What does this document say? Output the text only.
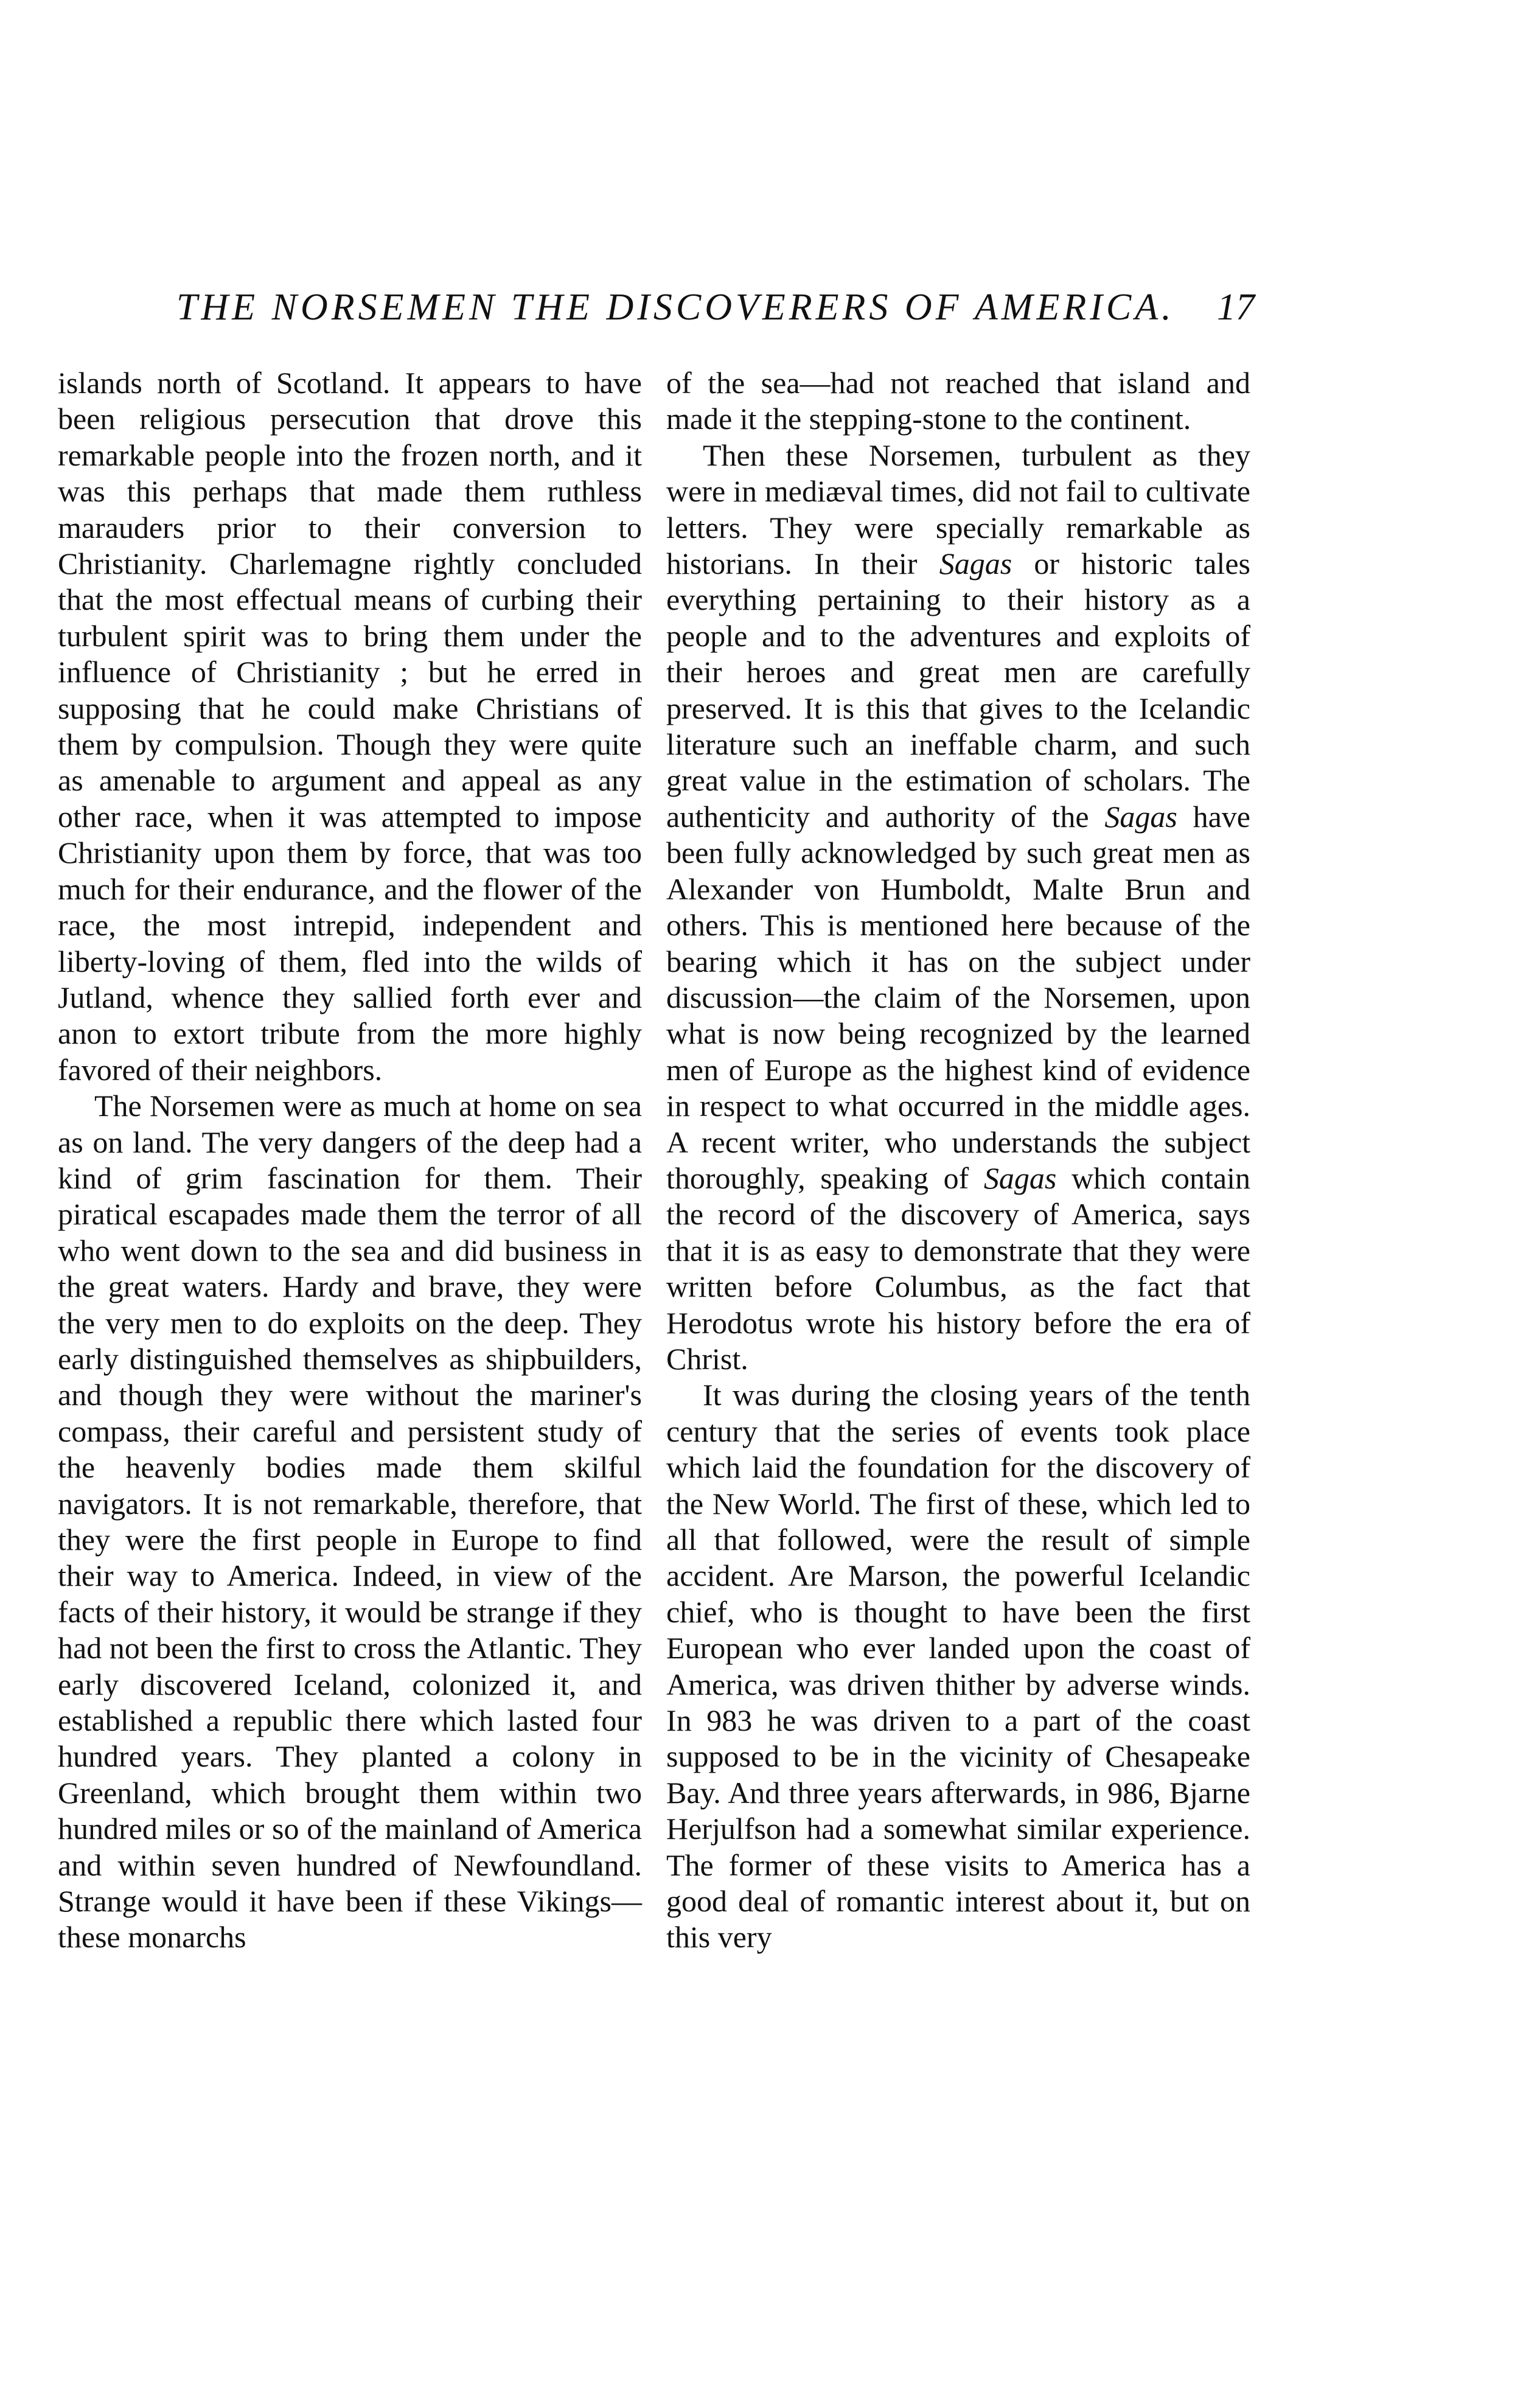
THE NORSEMEN THE DISCOVERERS OF AMERICA.	17

islands north of Scotland. It appears to have been religious persecution that drove this remarkable people into the frozen north, and it was this perhaps that made them ruthless marauders prior to their conversion to Christianity. Charlemagne rightly concluded that the most effectual means of curbing their turbulent spirit was to bring them under the influence of Christianity ; but he erred in supposing that he could make Christians of them by compulsion. Though they were quite as amenable to argument and appeal as any other race, when it was attempted to impose Christianity upon them by force, that was too much for their endurance, and the flower of the race, the most intrepid, independent and liberty-loving of them, fled into the wilds of Jutland, whence they sallied forth ever and anon to extort tribute from the more highly favored of their neighbors.

The Norsemen were as much at home on sea as on land. The very dangers of the deep had a kind of grim fascination for them. Their piratical escapades made them the terror of all who went down to the sea and did business in the great waters. Hardy and brave, they were the very men to do exploits on the deep. They early distinguished themselves as shipbuilders, and though they were without the mariner's compass, their careful and persistent study of the heavenly bodies made them skilful navigators. It is not remarkable, therefore, that they were the first people in Europe to find their way to America. Indeed, in view of the facts of their history, it would be strange if they had not been the first to cross the Atlantic. They early discovered Iceland, colonized it, and established a republic there which lasted four hundred years. They planted a colony in Greenland, which brought them within two hundred miles or so of the mainland of America and within seven hundred of Newfoundland. Strange would it have been if these Vikings—these monarchs

of the sea—had not reached that island and made it the stepping-stone to the continent.

Then these Norsemen, turbulent as they were in mediæval times, did not fail to cultivate letters. They were specially remarkable as historians. In their Sagas or historic tales everything pertaining to their history as a people and to the adventures and exploits of their heroes and great men are carefully preserved. It is this that gives to the Icelandic literature such an ineffable charm, and such great value in the estimation of scholars. The authenticity and authority of the Sagas have been fully acknowledged by such great men as Alexander von Humboldt, Malte Brun and others. This is mentioned here because of the bearing which it has on the subject under discussion—the claim of the Norsemen, upon what is now being recognized by the learned men of Europe as the highest kind of evidence in respect to what occurred in the middle ages. A recent writer, who understands the subject thoroughly, speaking of Sagas which contain the record of the discovery of America, says that it is as easy to demonstrate that they were written before Columbus, as the fact that Herodotus wrote his history before the era of Christ.

It was during the closing years of the tenth century that the series of events took place which laid the foundation for the discovery of the New World. The first of these, which led to all that followed, were the result of simple accident. Are Marson, the powerful Icelandic chief, who is thought to have been the first European who ever landed upon the coast of America, was driven thither by adverse winds. In 983 he was driven to a part of the coast supposed to be in the vicinity of Chesapeake Bay. And three years afterwards, in 986, Bjarne Herjulfson had a somewhat similar experience. The former of these visits to America has a good deal of romantic interest about it, but on this very
